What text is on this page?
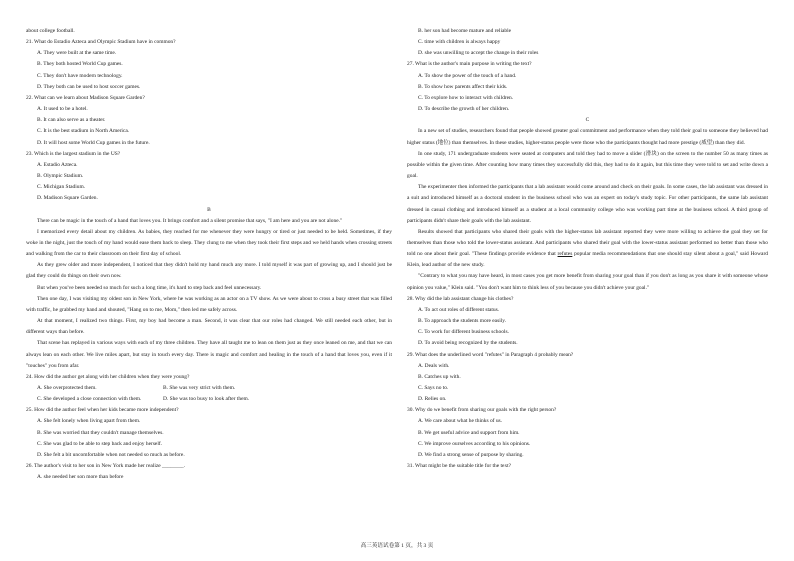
about college football.
21. What do Estadio Azteca and Olympic Stadium have in common?
A. They were built at the same time.
B. They both hosted World Cup games.
C. They don't have modern technology.
D. They both can be used to host soccer games.
22. What can we learn about Madison Square Garden?
A. It used to be a hotel.
B. It can also serve as a theater.
C. It is the best stadium in North America.
D. It will host some World Cup games in the future.
23. Which is the largest stadium in the US?
A. Estadio Azteca.
B. Olympic Stadium.
C. Michigan Stadium.
D. Madison Square Garden.
B
There can be magic in the touch of a hand that loves you. It brings comfort and a silent promise that says, "I am here and you are not alone."
I memorized every detail about my children. As babies, they reached for me whenever they were hungry or tired or just needed to be held. Sometimes, if they woke in the night, just the touch of my hand would ease them back to sleep. They clung to me when they took their first steps and we held hands when crossing streets and walking from the car to their classroom on their first day of school.
As they grew older and more independent, I noticed that they didn't hold my hand much any more. I told myself it was part of growing up, and I should just be glad they could do things on their own now.
But when you've been needed so much for such a long time, it's hard to step back and feel unnecessary.
Then one day, I was visiting my oldest son in New York, where he was working as an actor on a TV show. As we were about to cross a busy street that was filled with traffic, he grabbed my hand and shouted, "Hang on to me, Mom," then led me safely across.
At that moment, I realized two things. First, my boy had become a man. Second, it was clear that our roles had changed. We still needed each other, but in different ways than before.
That scene has replayed in various ways with each of my three children. They have all taught me to lean on them just as they once leaned on me, and that we can always lean on each other. We live miles apart, but stay in touch every day. There is magic and comfort and healing in the touch of a hand that loves you, even if it "touches" you from afar.
24. How did the author get along with her children when they were young?
A. She overprotected them.	B. She was very strict with them.
C. She developed a close connection with them.	D. She was too busy to look after them.
25. How did the author feel when her kids became more independent?
A. She felt lonely when living apart from them.
B. She was worried that they couldn't manage themselves.
C. She was glad to be able to step back and enjoy herself.
D. She felt a bit uncomfortable when not needed so much as before.
26. The author's visit to her son in New York made her realize ________.
A. she needed her son more than before
B. her son had become mature and reliable
C. time with children is always happy
D. she was unwilling to accept the change in their roles
27. What is the author's main purpose in writing the text?
A. To show the power of the touch of a hand.
B. To show how parents affect their kids.
C. To explore how to interact with children.
D. To describe the growth of her children.
C
In a new set of studies, researchers found that people showed greater goal commitment and performance when they told their goal to someone they believed had higher status (地位) than themselves. In these studies, higher-status people were those who the participants thought had more prestige (威望) than they did.
In one study, 171 undergraduate students were seated at computers and told they had to move a slider (滑块) on the screen to the number 50 as many times as possible within the given time. After counting how many times they successfully did this, they had to do it again, but this time they were told to set and write down a goal.
The experimenter then informed the participants that a lab assistant would come around and check on their goals. In some cases, the lab assistant was dressed in a suit and introduced himself as a doctoral student in the business school who was an expert on today's study topic. For other participants, the same lab assistant dressed in casual clothing and introduced himself as a student at a local community college who was working part time at the business school. A third group of participants didn't share their goals with the lab assistant.
Results showed that participants who shared their goals with the higher-status lab assistant reported they were more willing to achieve the goal they set for themselves than those who told the lower-status assistant. And participants who shared their goal with the lower-status assistant performed no better than those who told no one about their goal. "These findings provide evidence that refutes popular media recommendations that one should stay silent about a goal," said Howard Klein, lead author of the new study.
"Contrary to what you may have heard, in most cases you get more benefit from sharing your goal than if you don't as long as you share it with someone whose opinion you value," Klein said. "You don't want him to think less of you because you didn't achieve your goal."
28. Why did the lab assistant change his clothes?
A. To act out roles of different status.
B. To approach the students more easily.
C. To work for different business schools.
D. To avoid being recognized by the students.
29. What does the underlined word "refutes" in Paragraph 4 probably mean?
A. Deals with.
B. Catches up with.
C. Says no to.
D. Relies on.
30. Why do we benefit from sharing our goals with the right person?
A. We care about what he thinks of us.
B. We get useful advice and support from him.
C. We improve ourselves according to his opinions.
D. We find a strong sense of purpose by sharing.
31. What might be the suitable title for the text?
高三英语试卷第 1 页，共 3 页
